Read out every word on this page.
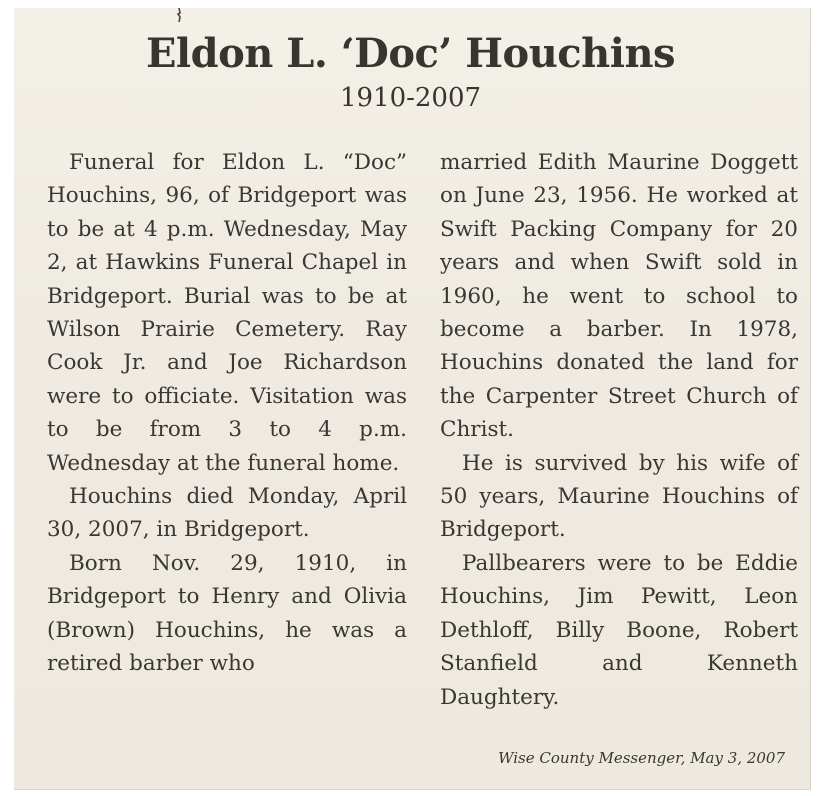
Eldon L. ‘Doc’ Houchins
1910-2007

Funeral for Eldon L. “Doc” Houchins, 96, of Bridgeport was to be at 4 p.m. Wednesday, May 2, at Hawkins Funeral Chapel in Bridgeport. Burial was to be at Wilson Prairie Cemetery. Ray Cook Jr. and Joe Richardson were to officiate. Visitation was to be from 3 to 4 p.m. Wednesday at the funeral home.

Houchins died Monday, April 30, 2007, in Bridgeport.

Born Nov. 29, 1910, in Bridgeport to Henry and Olivia (Brown) Houchins, he was a retired barber who

married Edith Maurine Doggett on June 23, 1956. He worked at Swift Packing Company for 20 years and when Swift sold in 1960, he went to school to become a barber. In 1978, Houchins donated the land for the Carpenter Street Church of Christ.

He is survived by his wife of 50 years, Maurine Houchins of Bridgeport.

Pallbearers were to be Eddie Houchins, Jim Pewitt, Leon Dethloff, Billy Boone, Robert Stanfield and Kenneth Daughtery.

Wise County Messenger, May 3, 2007
